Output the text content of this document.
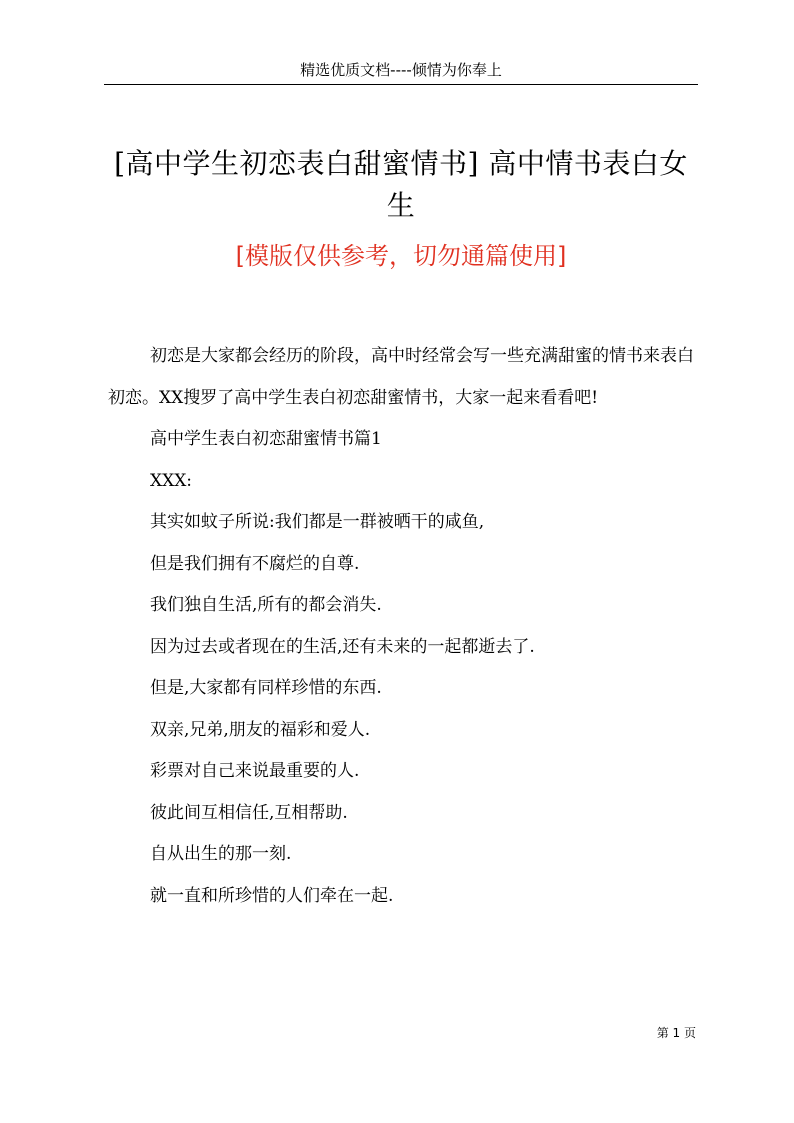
精选优质文档----倾情为你奉上
[高中学生初恋表白甜蜜情书] 高中情书表白女生
[模版仅供参考，切勿通篇使用]

初恋是大家都会经历的阶段，高中时经常会写一些充满甜蜜的情书来表白初恋。XX搜罗了高中学生表白初恋甜蜜情书，大家一起来看看吧!

高中学生表白初恋甜蜜情书篇1

XXX:

其实如蚊子所说:我们都是一群被晒干的咸鱼,

但是我们拥有不腐烂的自尊.

我们独自生活,所有的都会消失.

因为过去或者现在的生活,还有未来的一起都逝去了.

但是,大家都有同样珍惜的东西.

双亲,兄弟,朋友的福彩和爱人.

彩票对自己来说最重要的人.

彼此间互相信任,互相帮助.

自从出生的那一刻.

就一直和所珍惜的人们牵在一起.

第 1 页
